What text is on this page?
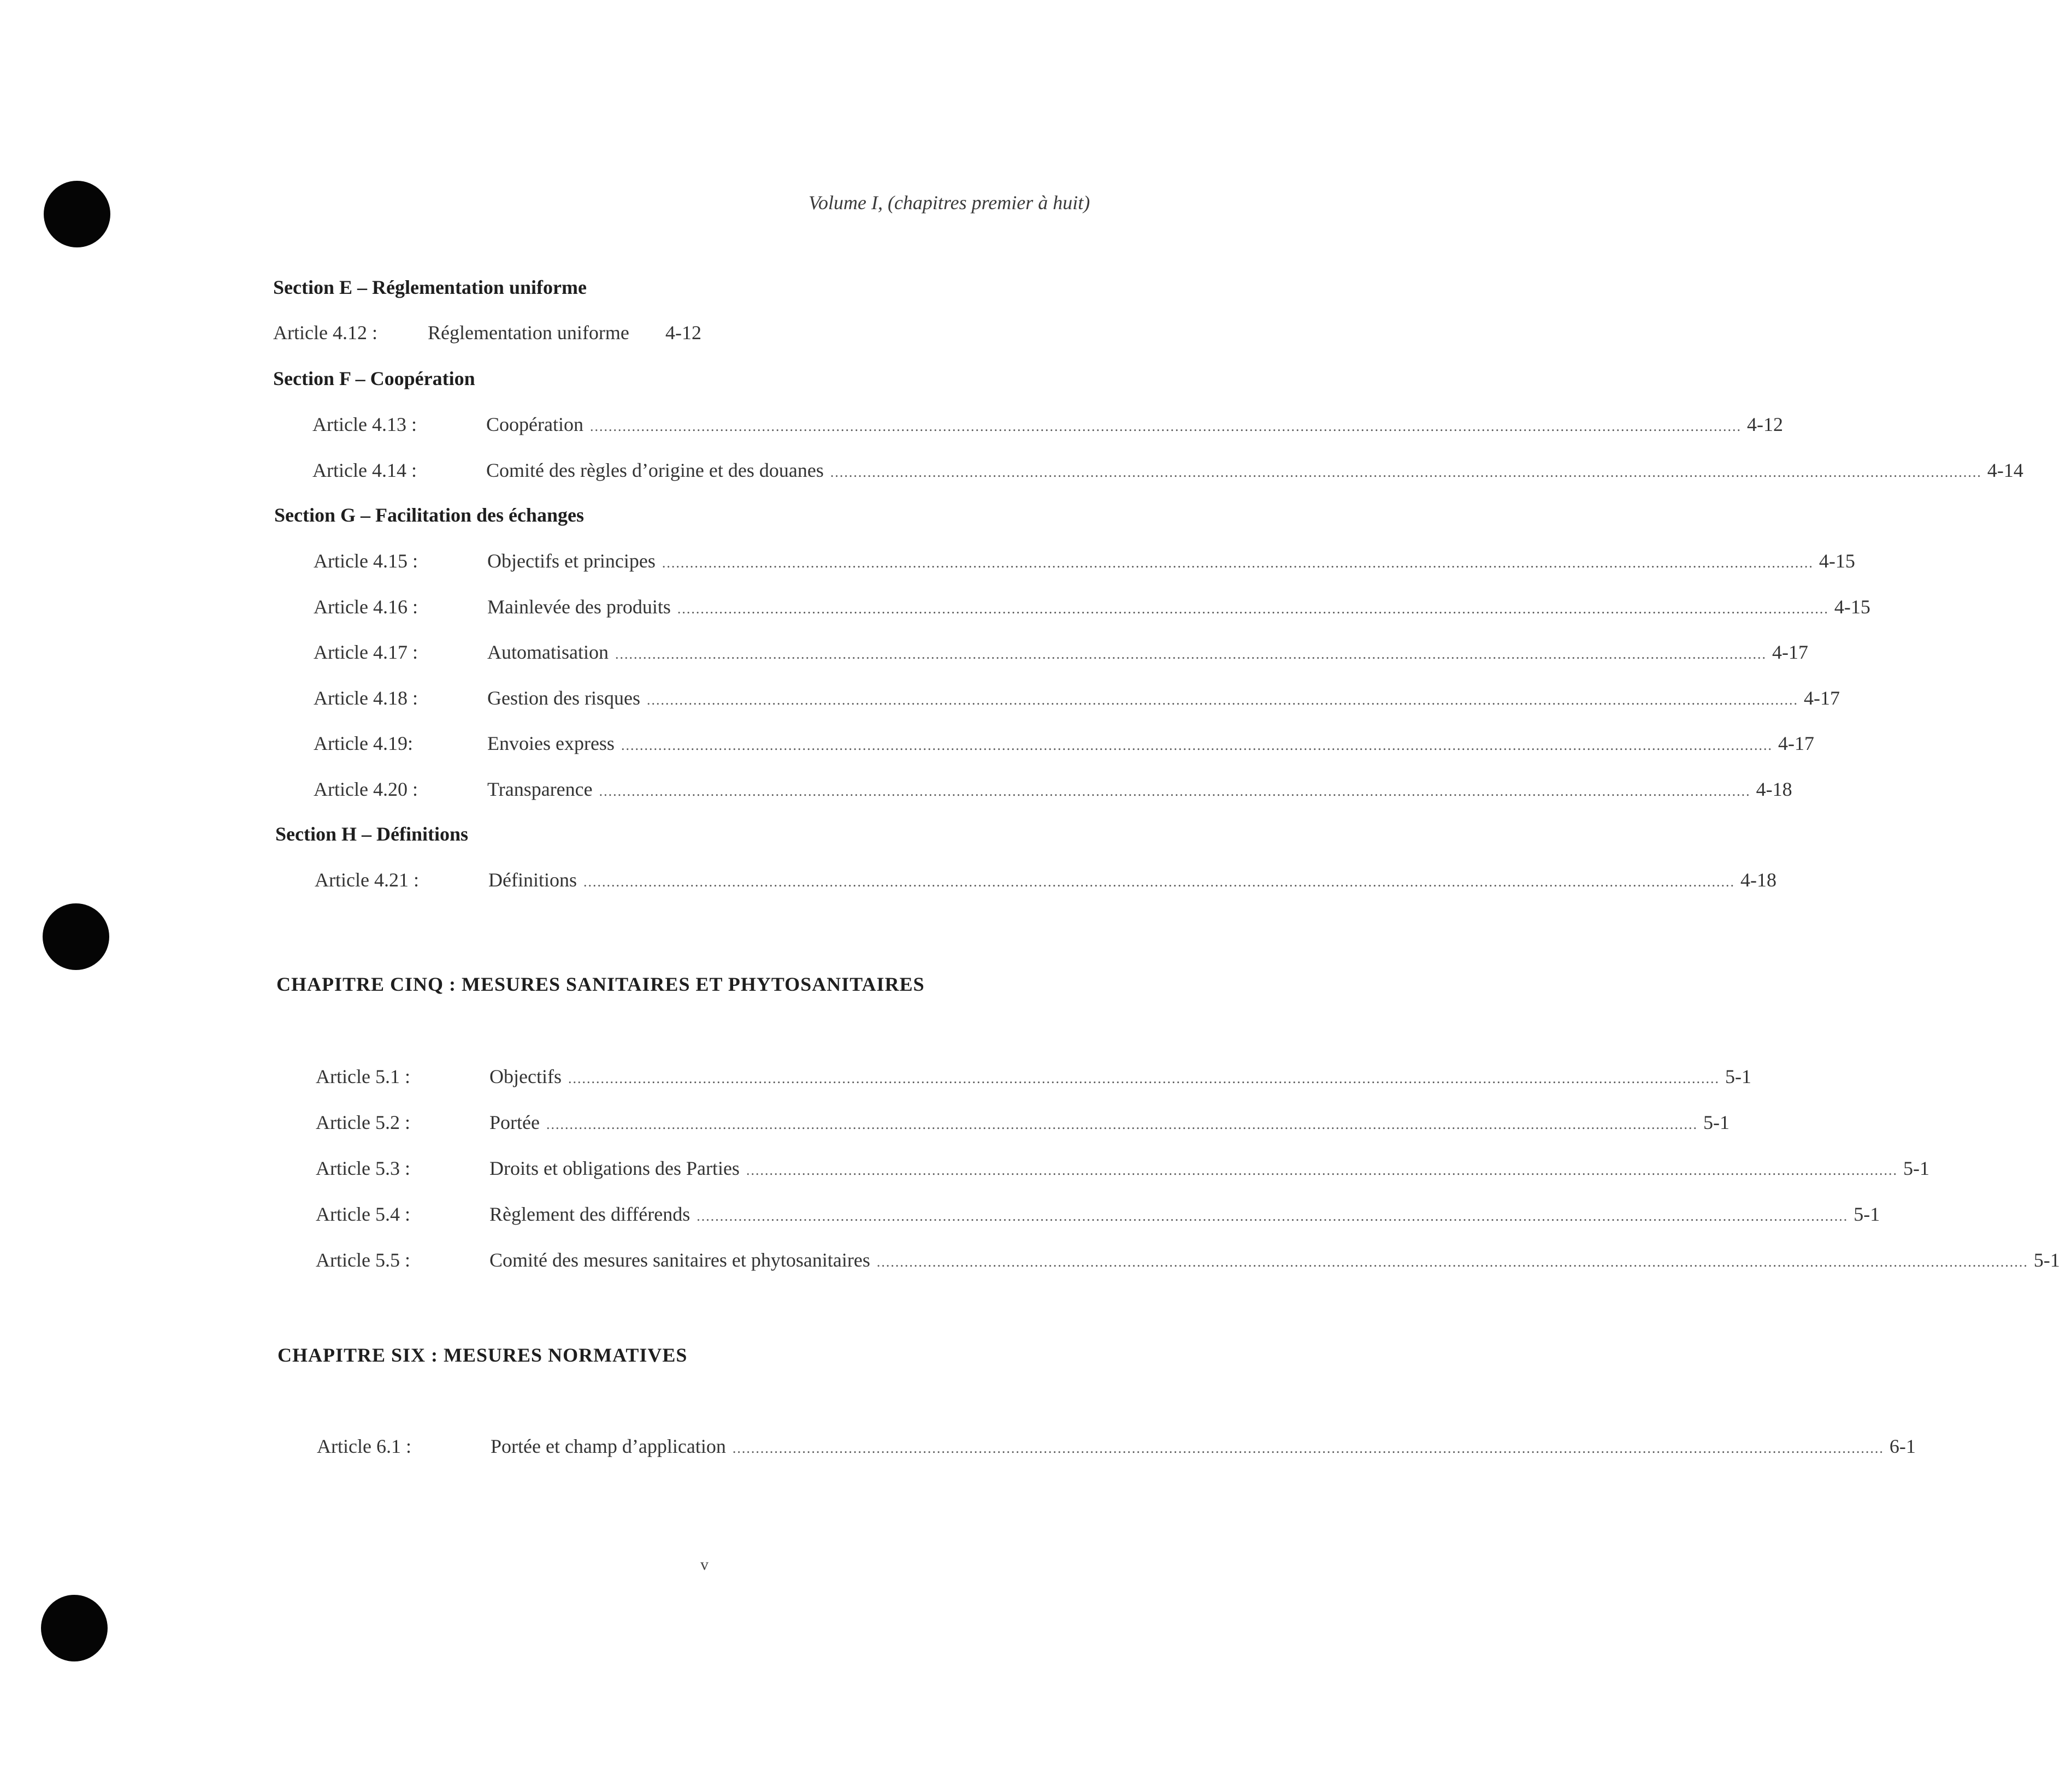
Volume I, (chapitres premier à huit)
Section E – Réglementation uniforme
Article 4.12 :	Réglementation uniforme 4-12
Section F – Coopération
Article 4.13 :	Coopération ........................................................................................................................................................................................................................................................ 4-12
Article 4.14 :	Comité des règles d’origine et des douanes ........................................................................................................................................................................................................................................................ 4-14
Section G – Facilitation des échanges
Article 4.15 :	Objectifs et principes ........................................................................................................................................................................................................................................................ 4-15
Article 4.16 :	Mainlevée des produits ........................................................................................................................................................................................................................................................ 4-15
Article 4.17 :	Automatisation ........................................................................................................................................................................................................................................................ 4-17
Article 4.18 :	Gestion des risques ........................................................................................................................................................................................................................................................ 4-17
Article 4.19:	Envoies express ........................................................................................................................................................................................................................................................ 4-17
Article 4.20 :	Transparence ........................................................................................................................................................................................................................................................ 4-18
Section H – Définitions
Article 4.21 :	Définitions ........................................................................................................................................................................................................................................................ 4-18
CHAPITRE CINQ : MESURES SANITAIRES ET PHYTOSANITAIRES
Article 5.1 :	Objectifs ........................................................................................................................................................................................................................................................ 5-1
Article 5.2 :	Portée ........................................................................................................................................................................................................................................................ 5-1
Article 5.3 :	Droits et obligations des Parties ........................................................................................................................................................................................................................................................ 5-1
Article 5.4 :	Règlement des différends ........................................................................................................................................................................................................................................................ 5-1
Article 5.5 :	Comité des mesures sanitaires et phytosanitaires ........................................................................................................................................................................................................................................................ 5-1
CHAPITRE SIX : MESURES NORMATIVES
Article 6.1 :	Portée et champ d’application ........................................................................................................................................................................................................................................................ 6-1
v
